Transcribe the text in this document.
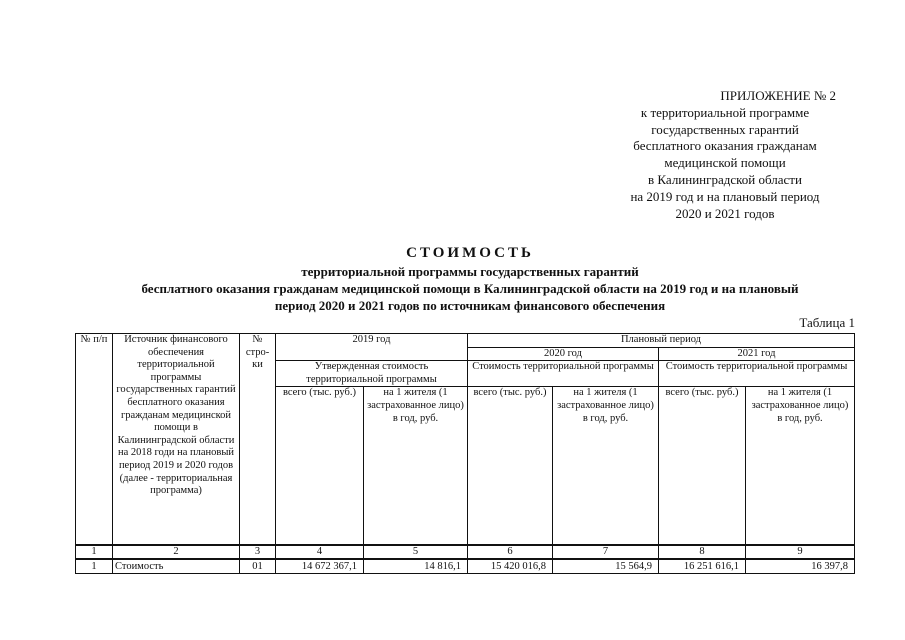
ПРИЛОЖЕНИЕ № 2
к территориальной программе
государственных гарантий
бесплатного оказания гражданам
медицинской помощи
в Калининградской области
на 2019 год и на плановый период
2020 и 2021 годов
СТОИМОСТЬ
территориальной программы государственных гарантий
бесплатного оказания гражданам медицинской помощи в Калининградской области на 2019 год и на плановый
период 2020 и 2021 годов по источникам финансового обеспечения
Таблица 1
№ п/п	Источник финансового обеспечения территориальной программы государственных гарантий бесплатного оказания гражданам медицинской помощи в Калининградской области на 2018 годи на плановый период 2019 и 2020 годов (далее - территориальная программа)	№ стро- ки	2019 год		Плановый период			
					2020 год		2021 год	
			Утвержденная стоимость территориальной программы		Стоимость территориальной программы		Стоимость территориальной программы	
			всего (тыс. руб.)	на 1 жителя (1 застрахованное лицо) в год, руб.	всего (тыс. руб.)	на 1 жителя (1 застрахованное лицо) в год, руб.	всего (тыс. руб.)	на 1 жителя (1 застрахованное лицо) в год, руб.
1	2	3	4	5	6	7	8	9
1	Стоимость	01	14 672 367,1	14 816,1	15 420 016,8	15 564,9	16 251 616,1	16 397,8
